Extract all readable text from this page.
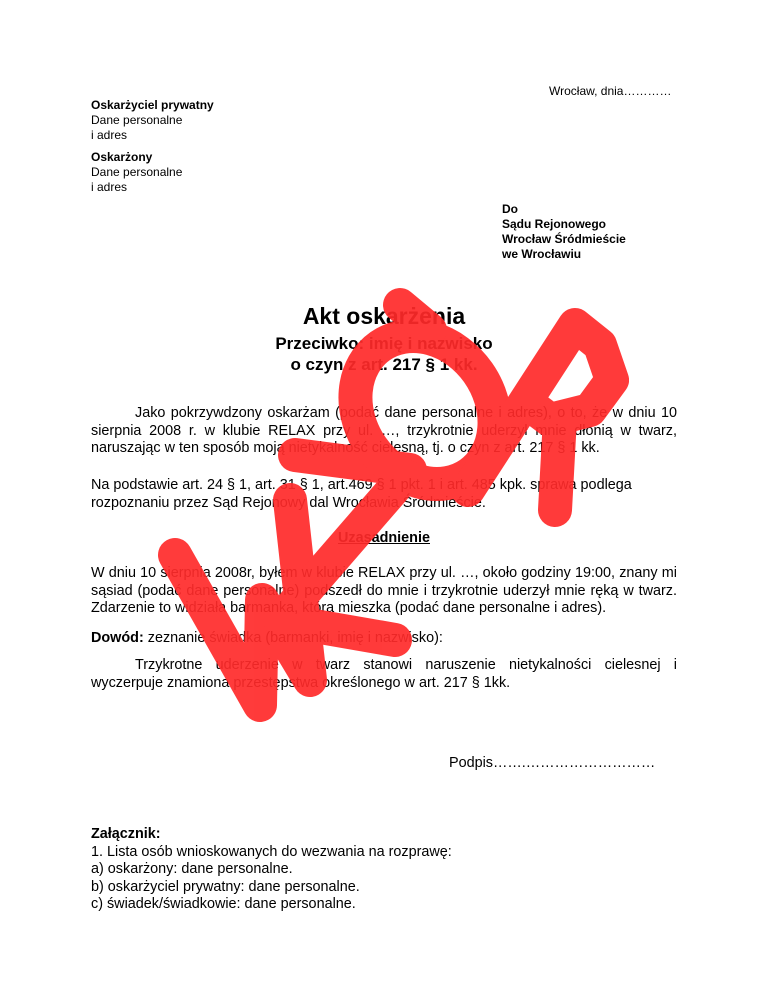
Wrocław, dnia…………
Oskarżyciel prywatny
Dane personalne
i adres
Oskarżony
Dane personalne
i adres
Do
Sądu Rejonowego
Wrocław Śródmieście
we Wrocławiu
Akt oskarżenia
Przeciwko: imię i nazwisko
o czyn z art. 217 § 1 kk.
Jako pokrzywdzony oskarżam (podać dane personalne i adres), o to, że w dniu 10 sierpnia 2008 r. w klubie RELAX przy ul. …, trzykrotnie uderzył mnie dłonią w twarz, naruszając w ten sposób moją nietykalność cielesną, tj. o czyn z art. 217 § 1 kk.
Na podstawie art. 24 § 1, art. 31 § 1, art.469 § 1 pkt. 1 i art. 485 kpk. sprawa podlega rozpoznaniu przez Sąd Rejonowy dal Wrocławia Śródmieście.
Uzasadnienie
W dniu 10 sierpnia 2008r, byłem w klubie RELAX przy ul. …, około godziny 19:00, znany mi sąsiad (podać dane personalne) podszedł do mnie i trzykrotnie uderzył mnie ręką w twarz. Zdarzenie to widziała barmanka, która mieszka (podać dane personalne i adres).
Dowód: zeznanie świadka (barmanki, imię i nazwisko):
Trzykrotne uderzenie w twarz stanowi naruszenie nietykalności cielesnej i wyczerpuje znamiona przestępstwa określonego w art. 217 § 1kk.
Podpis…….………………………
Załącznik:
1. Lista osób wnioskowanych do wezwania na rozprawę:
a) oskarżony: dane personalne.
b) oskarżyciel prywatny: dane personalne.
c) świadek/świadkowie: dane personalne.
